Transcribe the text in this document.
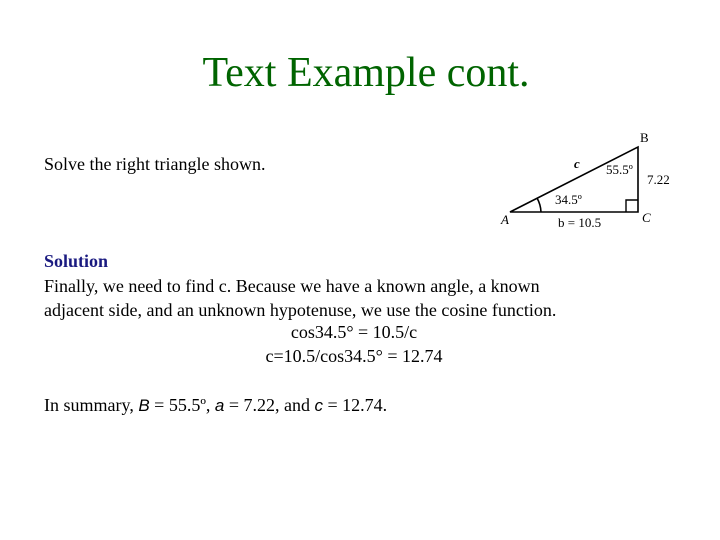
Text Example cont.
Solve the right triangle shown.
B
c 55.5º
7.22
34.5º
A	b = 10.5	C
Solution
Finally, we need to find c. Because we have a known angle, a known
adjacent side, and an unknown hypotenuse, we use the cosine function.
cos34.5° = 10.5/c
c=10.5/cos34.5° = 12.74
In summary, B = 55.5º, a = 7.22, and c = 12.74.
